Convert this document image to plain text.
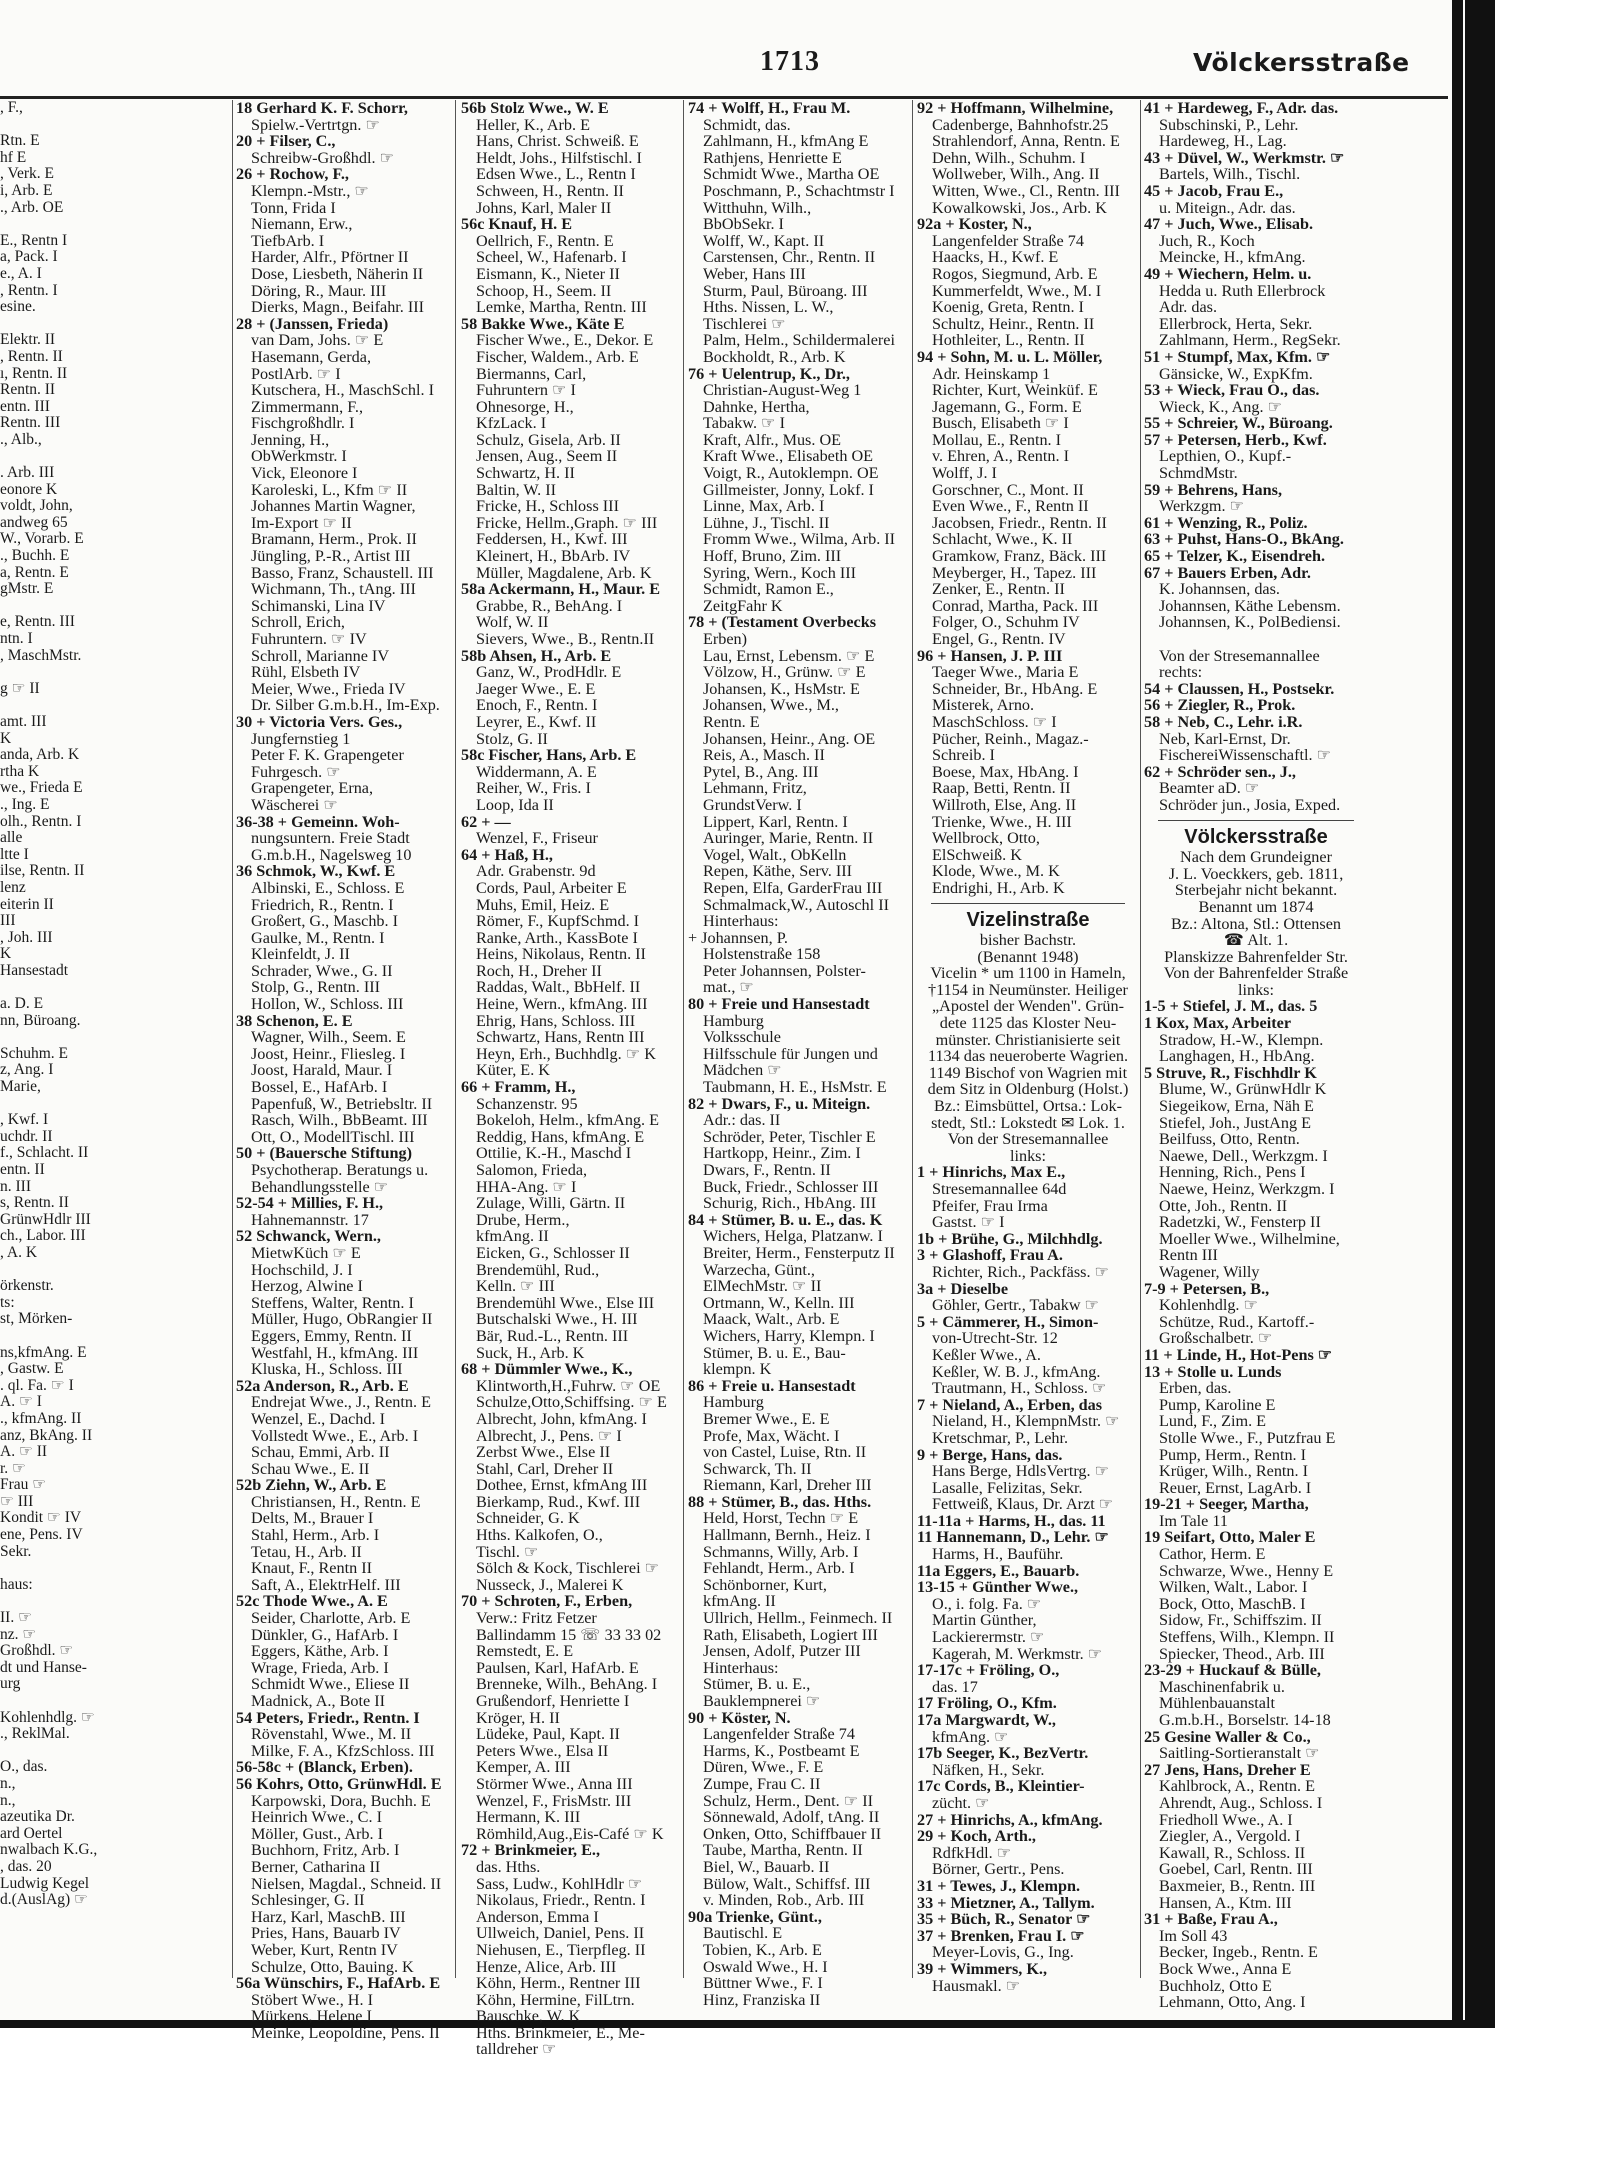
1713	Völckersstraße
, F.,

Rtn. E
hf E
, Verk. E
i, Arb. E
., Arb. OE

E., Rentn I
a, Pack. I
e., A. I
, Rentn. I
esine.

Elektr. II
, Rentn. II
ı, Rentn. II
Rentn. II
entn. III
Rentn. III
., Alb.,

. Arb. III
eonore K
voldt, John,
andweg 65
W., Vorarb. E
., Buchh. E
a, Rentn. E
gMstr. E

e, Rentn. III
ntn. I
, MaschMstr.

g ☞ II

amt. III
K
anda, Arb. K
rtha K
we., Frieda E
., Ing. E
olh., Rentn. I
alle
ltte I
ilse, Rentn. II
lenz
eiterin II
III
, Joh. III
K
Hansestadt

a. D. E
nn, Büroang.

Schuhm. E
z, Ang. I
Marie,

, Kwf. I
uchdr. II
f., Schlacht. II
entn. II
n. III
s, Rentn. II
GrünwHdlr III
ch., Labor. III
, A. K

örkenstr.
ts:
st, Mörken-

ns,kfmAng. E
, Gastw. E
. ql. Fa. ☞ I
A. ☞ I
., kfmAng. II
anz, BkAng. II
A. ☞ II
r. ☞
Frau ☞
☞ III
Kondit ☞ IV
ene, Pens. IV
Sekr.

haus:

II. ☞
nz. ☞
Großhdl. ☞
dt und Hanse-
urg

Kohlenhdlg. ☞
., ReklMal.

O., das.
n.,
n.,
azeutika Dr.
ard Oertel
nwalbach K.G.,
, das. 20
Ludwig Kegel
d.(AuslAg) ☞
18 Gerhard K. F. Schorr,
Spielw.-Vertrtgn. ☞
20 + Filser, C.,
Schreibw-Großhdl. ☞
26 + Rochow, F.,
Klempn.-Mstr., ☞
Tonn, Frida I
Niemann, Erw.,
TiefbArb. I
Harder, Alfr., Pförtner II
Dose, Liesbeth, Näherin II
Döring, R., Maur. III
Dierks, Magn., Beifahr. III
28 + (Janssen, Frieda)
van Dam, Johs. ☞ E
Hasemann, Gerda,
PostlArb. ☞ I
Kutschera, H., MaschSchl. I
Zimmermann, F.,
Fischgroßhdlr. I
Jenning, H.,
ObWerkmstr. I
Vick, Eleonore I
Karoleski, L., Kfm ☞ II
Johannes Martin Wagner,
Im-Export ☞ II
Bramann, Herm., Prok. II
Jüngling, P.-R., Artist III
Basso, Franz, Schaustell. III
Wichmann, Th., tAng. III
Schimanski, Lina IV
Schroll, Erich,
Fuhruntern. ☞ IV
Schroll, Marianne IV
Rühl, Elsbeth IV
Meier, Wwe., Frieda IV
Dr. Silber G.m.b.H., Im-Exp.
30 + Victoria Vers. Ges.,
Jungfernstieg 1
Peter F. K. Grapengeter
Fuhrgesch. ☞
Grapengeter, Erna,
Wäscherei ☞
36-38 + Gemeinn. Woh-
nungsuntern. Freie Stadt
G.m.b.H., Nagelsweg 10
36 Schmok, W., Kwf. E
Albinski, E., Schloss. E
Friedrich, R., Rentn. I
Großert, G., Maschb. I
Gaulke, M., Rentn. I
Kleinfeldt, J. II
Schrader, Wwe., G. II
Stolp, G., Rentn. III
Hollon, W., Schloss. III
38 Schenon, E. E
Wagner, Wilh., Seem. E
Joost, Heinr., Fliesleg. I
Joost, Harald, Maur. I
Bossel, E., HafArb. I
Papenfuß, W., Betriebsltr. II
Rasch, Wilh., BbBeamt. III
Ott, O., ModellTischl. III
50 + (Bauersche Stiftung)
Psychotherap. Beratungs u.
Behandlungsstelle ☞
52-54 + Millies, F. H.,
Hahnemannstr. 17
52 Schwanck, Wern.,
MietwKüch ☞ E
Hochschild, J. I
Herzog, Alwine I
Steffens, Walter, Rentn. I
Müller, Hugo, ObRangier II
Eggers, Emmy, Rentn. II
Westfahl, H., kfmAng. III
Kluska, H., Schloss. III
52a Anderson, R., Arb. E
Endrejat Wwe., J., Rentn. E
Wenzel, E., Dachd. I
Vollstedt Wwe., E., Arb. I
Schau, Emmi, Arb. II
Schau Wwe., E. II
52b Ziehn, W., Arb. E
Christiansen, H., Rentn. E
Delts, M., Brauer I
Stahl, Herm., Arb. I
Tetau, H., Arb. II
Knaut, F., Rentn II
Saft, A., ElektrHelf. III
52c Thode Wwe., A. E
Seider, Charlotte, Arb. E
Dünkler, G., HafArb. I
Eggers, Käthe, Arb. I
Wrage, Frieda, Arb. I
Schmidt Wwe., Eliese II
Madnick, A., Bote II
54 Peters, Friedr., Rentn. I
Rövenstahl, Wwe., M. II
Milke, F. A., KfzSchloss. III
56-58c + (Blanck, Erben).
56 Kohrs, Otto, GrünwHdl. E
Karpowski, Dora, Buchh. E
Heinrich Wwe., C. I
Möller, Gust., Arb. I
Buchhorn, Fritz, Arb. I
Berner, Catharina II
Nielsen, Magdal., Schneid. II
Schlesinger, G. II
Harz, Karl, MaschB. III
Pries, Hans, Bauarb IV
Weber, Kurt, Rentn IV
Schulze, Otto, Bauing. K
56a Wünschirs, F., HafArb. E
Stöbert Wwe., H. I
Mürkens, Helene I
Meinke, Leopoldine, Pens. II
56b Stolz Wwe., W. E
Heller, K., Arb. E
Hans, Christ. Schweiß. E
Heldt, Johs., Hilfstischl. I
Edsen Wwe., L., Rentn I
Schween, H., Rentn. II
Johns, Karl, Maler II
56c Knauf, H. E
Oellrich, F., Rentn. E
Scheel, W., Hafenarb. I
Eismann, K., Nieter II
Schoop, H., Seem. II
Lemke, Martha, Rentn. III
58 Bakke Wwe., Käte E
Fischer Wwe., E., Dekor. E
Fischer, Waldem., Arb. E
Biermanns, Carl,
Fuhruntern ☞ I
Ohnesorge, H.,
KfzLack. I
Schulz, Gisela, Arb. II
Jensen, Aug., Seem II
Schwartz, H. II
Baltin, W. II
Fricke, H., Schloss III
Fricke, Hellm.,Graph. ☞ III
Feddersen, H., Kwf. III
Kleinert, H., BbArb. IV
Müller, Magdalene, Arb. K
58a Ackermann, H., Maur. E
Grabbe, R., BehAng. I
Wolf, W. II
Sievers, Wwe., B., Rentn.II
58b Ahsen, H., Arb. E
Ganz, W., ProdHdlr. E
Jaeger Wwe., E. E
Enoch, F., Rentn. I
Leyrer, E., Kwf. II
Stolz, G. II
58c Fischer, Hans, Arb. E
Widdermann, A. E
Reiher, W., Fris. I
Loop, Ida II
62 + —
Wenzel, F., Friseur
64 + Haß, H.,
Adr. Grabenstr. 9d
Cords, Paul, Arbeiter E
Muhs, Emil, Heiz. E
Römer, F., KupfSchmd. I
Ranke, Arth., KassBote I
Heins, Nikolaus, Rentn. II
Roch, H., Dreher II
Raddas, Walt., BbHelf. II
Heine, Wern., kfmAng. III
Ehrig, Hans, Schloss. III
Schwartz, Hans, Rentn III
Heyn, Erh., Buchhdlg. ☞ K
Küter, E. K
66 + Framm, H.,
Schanzenstr. 95
Bokeloh, Helm., kfmAng. E
Reddig, Hans, kfmAng. E
Ottilie, K.-H., Maschd I
Salomon, Frieda,
HHA-Ang. ☞ I
Zulage, Willi, Gärtn. II
Drube, Herm.,
kfmAng. II
Eicken, G., Schlosser II
Brendemühl, Rud.,
Kelln. ☞ III
Brendemühl Wwe., Else III
Butschalski Wwe., H. III
Bär, Rud.-L., Rentn. III
Suck, H., Arb. K
68 + Dümmler Wwe., K.,
Klintworth,H.,Fuhrw. ☞ OE
Schulze,Otto,Schiffsing. ☞ E
Albrecht, John, kfmAng. I
Albrecht, J., Pens. ☞ I
Zerbst Wwe., Else II
Stahl, Carl, Dreher II
Dothee, Ernst, kfmAng III
Bierkamp, Rud., Kwf. III
Schneider, G. K
Hths. Kalkofen, O.,
Tischl. ☞
Sölch & Kock, Tischlerei ☞
Nusseck, J., Malerei K
70 + Schroten, F., Erben,
Verw.: Fritz Fetzer
Ballindamm 15 ☏ 33 33 02
Remstedt, E. E
Paulsen, Karl, HafArb. E
Brenneke, Wilh., BehAng. I
Grußendorf, Henriette I
Kröger, H. II
Lüdeke, Paul, Kapt. II
Peters Wwe., Elsa II
Kemper, A. III
Störmer Wwe., Anna III
Wenzel, F., FrisMstr. III
Hermann, K. III
Römhild,Aug.,Eis-Café ☞ K
72 + Brinkmeier, E.,
das. Hths.
Sass, Ludw., KohlHdlr ☞
Nikolaus, Friedr., Rentn. I
Anderson, Emma I
Ullweich, Daniel, Pens. II
Niehusen, E., Tierpfleg. II
Henze, Alice, Arb. III
Köhn, Herm., Rentner III
Köhn, Hermine, FilLtrn.
Bauschke, W. K
Hths. Brinkmeier, E., Me-
talldreher ☞
74 + Wolff, H., Frau M.
Schmidt, das.
Zahlmann, H., kfmAng E
Rathjens, Henriette E
Schmidt Wwe., Martha OE
Poschmann, P., Schachtmstr I
Witthuhn, Wilh.,
BbObSekr. I
Wolff, W., Kapt. II
Carstensen, Chr., Rentn. II
Weber, Hans III
Sturm, Paul, Büroang. III
Hths. Nissen, L. W.,
Tischlerei ☞
Palm, Helm., Schildermalerei
Bockholdt, R., Arb. K
76 + Uelentrup, K., Dr.,
Christian-August-Weg 1
Dahnke, Hertha,
Tabakw. ☞ I
Kraft, Alfr., Mus. OE
Kraft Wwe., Elisabeth OE
Voigt, R., Autoklempn. OE
Gillmeister, Jonny, Lokf. I
Linne, Max, Arb. I
Lühne, J., Tischl. II
Fromm Wwe., Wilma, Arb. II
Hoff, Bruno, Zim. III
Syring, Wern., Koch III
Schmidt, Ramon E.,
ZeitgFahr K
78 + (Testament Overbecks
Erben)
Lau, Ernst, Lebensm. ☞ E
Völzow, H., Grünw. ☞ E
Johansen, K., HsMstr. E
Johansen, Wwe., M.,
Rentn. E
Johansen, Heinr., Ang. OE
Reis, A., Masch. II
Pytel, B., Ang. III
Lehmann, Fritz,
GrundstVerw. I
Lippert, Karl, Rentn. I
Auringer, Marie, Rentn. II
Vogel, Walt., ObKelln
Repen, Käthe, Serv. III
Repen, Elfa, GarderFrau III
Schmalmack,W., Autoschl II
Hinterhaus:
+ Johannsen, P.
Holstenstraße 158
Peter Johannsen, Polster-
mat., ☞
80 + Freie und Hansestadt
Hamburg
Volksschule
Hilfsschule für Jungen und
Mädchen ☞
Taubmann, H. E., HsMstr. E
82 + Dwars, F., u. Miteign.
Adr.: das. II
Schröder, Peter, Tischler E
Hartkopp, Heinr., Zim. I
Dwars, F., Rentn. II
Buck, Friedr., Schlosser III
Schurig, Rich., HbAng. III
84 + Stümer, B. u. E., das. K
Wichers, Helga, Platzanw. I
Breiter, Herm., Fensterputz II
Warzecha, Günt.,
ElMechMstr. ☞ II
Ortmann, W., Kelln. III
Maack, Walt., Arb. E
Wichers, Harry, Klempn. I
Stümer, B. u. E., Bau-
klempn. K
86 + Freie u. Hansestadt
Hamburg
Bremer Wwe., E. E
Profe, Max, Wächt. I
von Castel, Luise, Rtn. II
Schwarck, Th. II
Riemann, Karl, Dreher III
88 + Stümer, B., das. Hths.
Held, Horst, Techn ☞ E
Hallmann, Bernh., Heiz. I
Schmanns, Willy, Arb. I
Fehlandt, Herm., Arb. I
Schönborner, Kurt,
kfmAng. II
Ullrich, Hellm., Feinmech. II
Rath, Elisabeth, Logiert III
Jensen, Adolf, Putzer III
Hinterhaus:
Stümer, B. u. E.,
Bauklempnerei ☞
90 + Köster, N.
Langenfelder Straße 74
Harms, K., Postbeamt E
Düren, Wwe., F. E
Zumpe, Frau C. II
Schulz, Herm., Dent. ☞ II
Sönnewald, Adolf, tAng. II
Onken, Otto, Schiffbauer II
Taube, Martha, Rentn. II
Biel, W., Bauarb. II
Bülow, Walt., Schiffsf. III
v. Minden, Rob., Arb. III
90a Trienke, Günt.,
Bautischl. E
Tobien, K., Arb. E
Oswald Wwe., H. I
Büttner Wwe., F. I
Hinz, Franziska II
92 + Hoffmann, Wilhelmine,
Cadenberge, Bahnhofstr.25
Strahlendorf, Anna, Rentn. E
Dehn, Wilh., Schuhm. I
Wollweber, Wilh., Ang. II
Witten, Wwe., Cl., Rentn. III
Kowalkowski, Jos., Arb. K
92a + Koster, N.,
Langenfelder Straße 74
Haacks, H., Kwf. E
Rogos, Siegmund, Arb. E
Kummerfeldt, Wwe., M. I
Koenig, Greta, Rentn. I
Schultz, Heinr., Rentn. II
Hothleiter, L., Rentn. II
94 + Sohn, M. u. L. Möller,
Adr. Heinskamp 1
Richter, Kurt, Weinküf. E
Jagemann, G., Form. E
Busch, Elisabeth ☞ I
Mollau, E., Rentn. I
v. Ehren, A., Rentn. I
Wolff, J. I
Gorschner, C., Mont. II
Even Wwe., F., Rentn II
Jacobsen, Friedr., Rentn. II
Schlacht, Wwe., K. II
Gramkow, Franz, Bäck. III
Meyberger, H., Tapez. III
Zenker, E., Rentn. II
Conrad, Martha, Pack. III
Folger, O., Schuhm IV
Engel, G., Rentn. IV
96 + Hansen, J. P. III
Taeger Wwe., Maria E
Schneider, Br., HbAng. E
Misterek, Arno.
MaschSchloss. ☞ I
Pücher, Reinh., Magaz.-
Schreib. I
Boese, Max, HbAng. I
Raap, Betti, Rentn. II
Willroth, Else, Ang. II
Trienke, Wwe., H. III
Wellbrock, Otto,
ElSchweiß. K
Klode, Wwe., M. K
Endrighi, H., Arb. K
Vizelinstraße
bisher Bachstr.
(Benannt 1948)
Vicelin * um 1100 in Hameln,
†1154 in Neumünster. Heiliger
„Apostel der Wenden". Grün-
dete 1125 das Kloster Neu-
münster. Christianisierte seit
1134 das neueroberte Wagrien.
1149 Bischof von Wagrien mit
dem Sitz in Oldenburg (Holst.)
Bz.: Eimsbüttel, Ortsa.: Lok-
stedt, Stl.: Lokstedt ✉ Lok. 1.
Von der Stresemannallee
links:
1 + Hinrichs, Max E.,
Stresemannallee 64d
Pfeifer, Frau Irma
Gastst. ☞ I
1b + Brühe, G., Milchhdlg.
3 + Glashoff, Frau A.
Richter, Rich., Packfäss. ☞
3a + Dieselbe
Göhler, Gertr., Tabakw ☞
5 + Cämmerer, H., Simon-
von-Utrecht-Str. 12
Keßler Wwe., A.
Keßler, W. B. J., kfmAng.
Trautmann, H., Schloss. ☞
7 + Nieland, A., Erben, das
Nieland, H., KlempnMstr. ☞
Kretschmar, P., Lehr.
9 + Berge, Hans, das.
Hans Berge, HdlsVertrg. ☞
Lasalle, Felizitas, Sekr.
Fettweiß, Klaus, Dr. Arzt ☞
11-11a + Harms, H., das. 11
11 Hannemann, D., Lehr. ☞
Harms, H., Bauführ.
11a Eggers, E., Bauarb.
13-15 + Günther Wwe.,
O., i. folg. Fa. ☞
Martin Günther,
Lackierermstr. ☞
Kagerah, M. Werkmstr. ☞
17-17c + Fröling, O.,
das. 17
17 Fröling, O., Kfm.
17a Margwardt, W.,
kfmAng. ☞
17b Seeger, K., BezVertr.
Näfken, H., Sekr.
17c Cords, B., Kleintier-
zücht. ☞
27 + Hinrichs, A., kfmAng.
29 + Koch, Arth.,
RdfkHdl. ☞
Börner, Gertr., Pens.
31 + Tewes, J., Klempn.
33 + Mietzner, A., Tallym.
35 + Büch, R., Senator ☞
37 + Brenken, Frau I. ☞
Meyer-Lovis, G., Ing.
39 + Wimmers, K.,
Hausmakl. ☞
41 + Hardeweg, F., Adr. das.
Subschinski, P., Lehr.
Hardeweg, H., Lag.
43 + Düvel, W., Werkmstr. ☞
Bartels, Wilh., Tischl.
45 + Jacob, Frau E.,
u. Miteign., Adr. das.
47 + Juch, Wwe., Elisab.
Juch, R., Koch
Meincke, H., kfmAng.
49 + Wiechern, Helm. u.
Hedda u. Ruth Ellerbrock
Adr. das.
Ellerbrock, Herta, Sekr.
Zahlmann, Herm., RegSekr.
51 + Stumpf, Max, Kfm. ☞
Gänsicke, W., ExpKfm.
53 + Wieck, Frau O., das.
Wieck, K., Ang. ☞
55 + Schreier, W., Büroang.
57 + Petersen, Herb., Kwf.
Lepthien, O., Kupf.-
SchmdMstr.
59 + Behrens, Hans,
Werkzgm. ☞
61 + Wenzing, R., Poliz.
63 + Puhst, Hans-O., BkAng.
65 + Telzer, K., Eisendreh.
67 + Bauers Erben, Adr.
K. Johannsen, das.
Johannsen, Käthe Lebensm.
Johannsen, K., PolBediensi.

Von der Stresemannallee
rechts:
54 + Claussen, H., Postsekr.
56 + Ziegler, R., Prok.
58 + Neb, C., Lehr. i.R.
Neb, Karl-Ernst, Dr.
FischereiWissenschaftl. ☞
62 + Schröder sen., J.,
Beamter aD. ☞
Schröder jun., Josia, Exped.
Völckersstraße
Nach dem Grundeigner
J. L. Voeckkers, geb. 1811,
Sterbejahr nicht bekannt.
Benannt um 1874
Bz.: Altona, Stl.: Ottensen
☎ Alt. 1.
Planskizze Bahrenfelder Str.
Von der Bahrenfelder Straße
links:
1-5 + Stiefel, J. M., das. 5
1 Kox, Max, Arbeiter
Stradow, H.-W., Klempn.
Langhagen, H., HbAng.
5 Struve, R., Fischhdlr K
Blume, W., GrünwHdlr K
Siegeikow, Erna, Näh E
Stiefel, Joh., JustAng E
Beilfuss, Otto, Rentn.
Naewe, Dell., Werkzgm. I
Henning, Rich., Pens I
Naewe, Heinz, Werkzgm. I
Otte, Joh., Rentn. II
Radetzki, W., Fensterp II
Moeller Wwe., Wilhelmine,
Rentn III
Wagener, Willy
7-9 + Petersen, B.,
Kohlenhdlg. ☞
Schütze, Rud., Kartoff.-
Großschalbetr. ☞
11 + Linde, H., Hot-Pens ☞
13 + Stolle u. Lunds
Erben, das.
Pump, Karoline E
Lund, F., Zim. E
Stolle Wwe., F., Putzfrau E
Pump, Herm., Rentn. I
Krüger, Wilh., Rentn. I
Reuer, Ernst, LagArb. I
19-21 + Seeger, Martha,
Im Tale 11
19 Seifart, Otto, Maler E
Cathor, Herm. E
Schwarze, Wwe., Henny E
Wilken, Walt., Labor. I
Bock, Otto, MaschB. I
Sidow, Fr., Schiffszim. II
Steffens, Wilh., Klempn. II
Spiecker, Theod., Arb. III
23-29 + Huckauf & Bülle,
Maschinenfabrik u.
Mühlenbauanstalt
G.m.b.H., Borselstr. 14-18
25 Gesine Waller & Co.,
Saitling-Sortieranstalt ☞
27 Jens, Hans, Dreher E
Kahlbrock, A., Rentn. E
Ahrendt, Aug., Schloss. I
Friedholl Wwe., A. I
Ziegler, A., Vergold. I
Kawall, R., Schloss. II
Goebel, Carl, Rentn. III
Baxmeier, B., Rentn. III
Hansen, A., Ktm. III
31 + Baße, Frau A.,
Im Soll 43
Becker, Ingeb., Rentn. E
Bock Wwe., Anna E
Buchholz, Otto E
Lehmann, Otto, Ang. I
